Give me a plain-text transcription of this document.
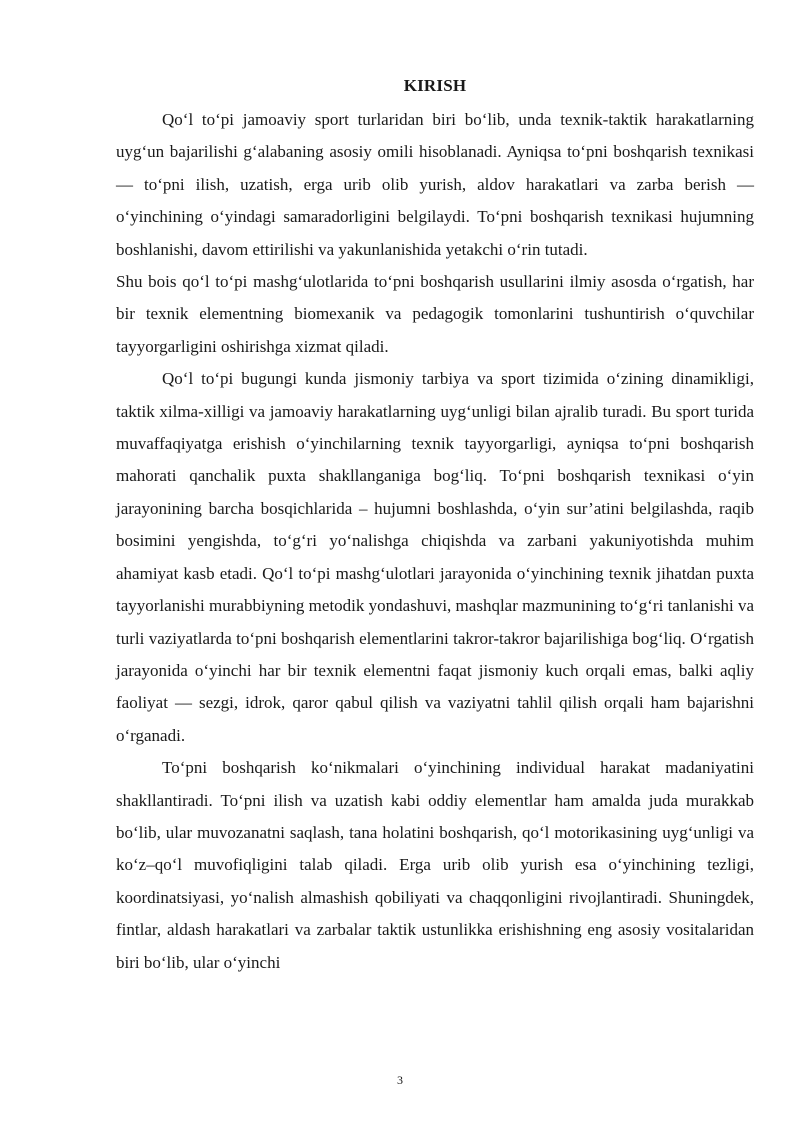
KIRISH

Qo‘l to‘pi jamoaviy sport turlaridan biri bo‘lib, unda texnik-taktik harakatlarning uyg‘un bajarilishi g‘alabaning asosiy omili hisoblanadi. Ayniqsa to‘pni boshqarish texnikasi — to‘pni ilish, uzatish, erga urib olib yurish, aldov harakatlari va zarba berish — o‘yinchining o‘yindagi samaradorligini belgilaydi. To‘pni boshqarish texnikasi hujumning boshlanishi, davom ettirilishi va yakunlanishida yetakchi o‘rin tutadi.

Shu bois qo‘l to‘pi mashg‘ulotlarida to‘pni boshqarish usullarini ilmiy asosda o‘rgatish, har bir texnik elementning biomexanik va pedagogik tomonlarini tushuntirish o‘quvchilar tayyorgarligini oshirishga xizmat qiladi.

Qo‘l to‘pi bugungi kunda jismoniy tarbiya va sport tizimida o‘zining dinamikligi, taktik xilma-xilligi va jamoaviy harakatlarning uyg‘unligi bilan ajralib turadi. Bu sport turida muvaffaqiyatga erishish o‘yinchilarning texnik tayyorgarligi, ayniqsa to‘pni boshqarish mahorati qanchalik puxta shakllanganiga bog‘liq. To‘pni boshqarish texnikasi o‘yin jarayonining barcha bosqichlarida – hujumni boshlashda, o‘yin sur’atini belgilashda, raqib bosimini yengishda, to‘g‘ri yo‘nalishga chiqishda va zarbani yakuniyotishda muhim ahamiyat kasb etadi. Qo‘l to‘pi mashg‘ulotlari jarayonida o‘yinchining texnik jihatdan puxta tayyorlanishi murabbiyning metodik yondashuvi, mashqlar mazmunining to‘g‘ri tanlanishi va turli vaziyatlarda to‘pni boshqarish elementlarini takror-takror bajarilishiga bog‘liq. O‘rgatish jarayonida o‘yinchi har bir texnik elementni faqat jismoniy kuch orqali emas, balki aqliy faoliyat — sezgi, idrok, qaror qabul qilish va vaziyatni tahlil qilish orqali ham bajarishni o‘rganadi.

To‘pni boshqarish ko‘nikmalari o‘yinchining individual harakat madaniyatini shakllantiradi. To‘pni ilish va uzatish kabi oddiy elementlar ham amalda juda murakkab bo‘lib, ular muvozanatni saqlash, tana holatini boshqarish, qo‘l motorikasining uyg‘unligi va ko‘z–qo‘l muvofiqligini talab qiladi. Erga urib olib yurish esa o‘yinchining tezligi, koordinatsiyasi, yo‘nalish almashish qobiliyati va chaqqonligini rivojlantiradi. Shuningdek, fintlar, aldash harakatlari va zarbalar taktik ustunlikka erishishning eng asosiy vositalaridan biri bo‘lib, ular o‘yinchi

3
